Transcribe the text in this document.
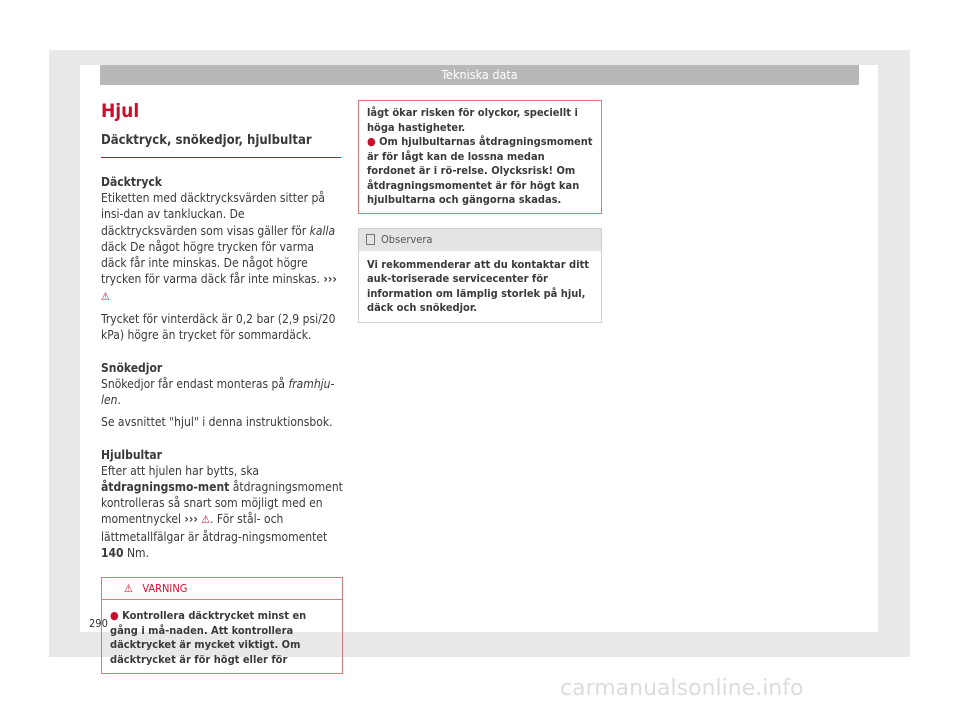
Tekniska data
Hjul
Däcktryck, snökedjor, hjulbultar
Däcktryck

Etiketten med däcktrycksvärden sitter på insi-dan av tankluckan. De däcktrycksvärden som visas gäller för kalla däck De något högre trycken för varma däck får inte minskas. De något högre trycken för varma däck får inte minskas. ››› ⚠

Trycket för vinterdäck är 0,2 bar (2,9 psi/20 kPa) högre än trycket för sommardäck.

Snökedjor

Snökedjor får endast monteras på framhju-len.

Se avsnittet "hjul" i denna instruktionsbok.

Hjulbultar

Efter att hjulen har bytts, ska åtdragningsmo-ment åtdragningsmoment kontrolleras så snart som möjligt med en momentnyckel ››› ⚠. För stål- och lättmetallfälgar är åtdrag-ningsmomentet 140 Nm.

⚠ VARNING
● Kontrollera däcktrycket minst en gång i må-naden. Att kontrollera däcktrycket är mycket viktigt. Om däcktrycket är för högt eller för
lågt ökar risken för olyckor, speciellt i höga hastigheter.
● Om hjulbultarnas åtdragningsmoment är för lågt kan de lossna medan fordonet är i rö-relse. Olycksrisk! Om åtdragningsmomentet är för högt kan hjulbultarna och gängorna skadas.
Observera
Vi rekommenderar att du kontaktar ditt auk-toriserade servicecenter för information om lämplig storlek på hjul, däck och snökedjor.
290
carmanualsonline.info
